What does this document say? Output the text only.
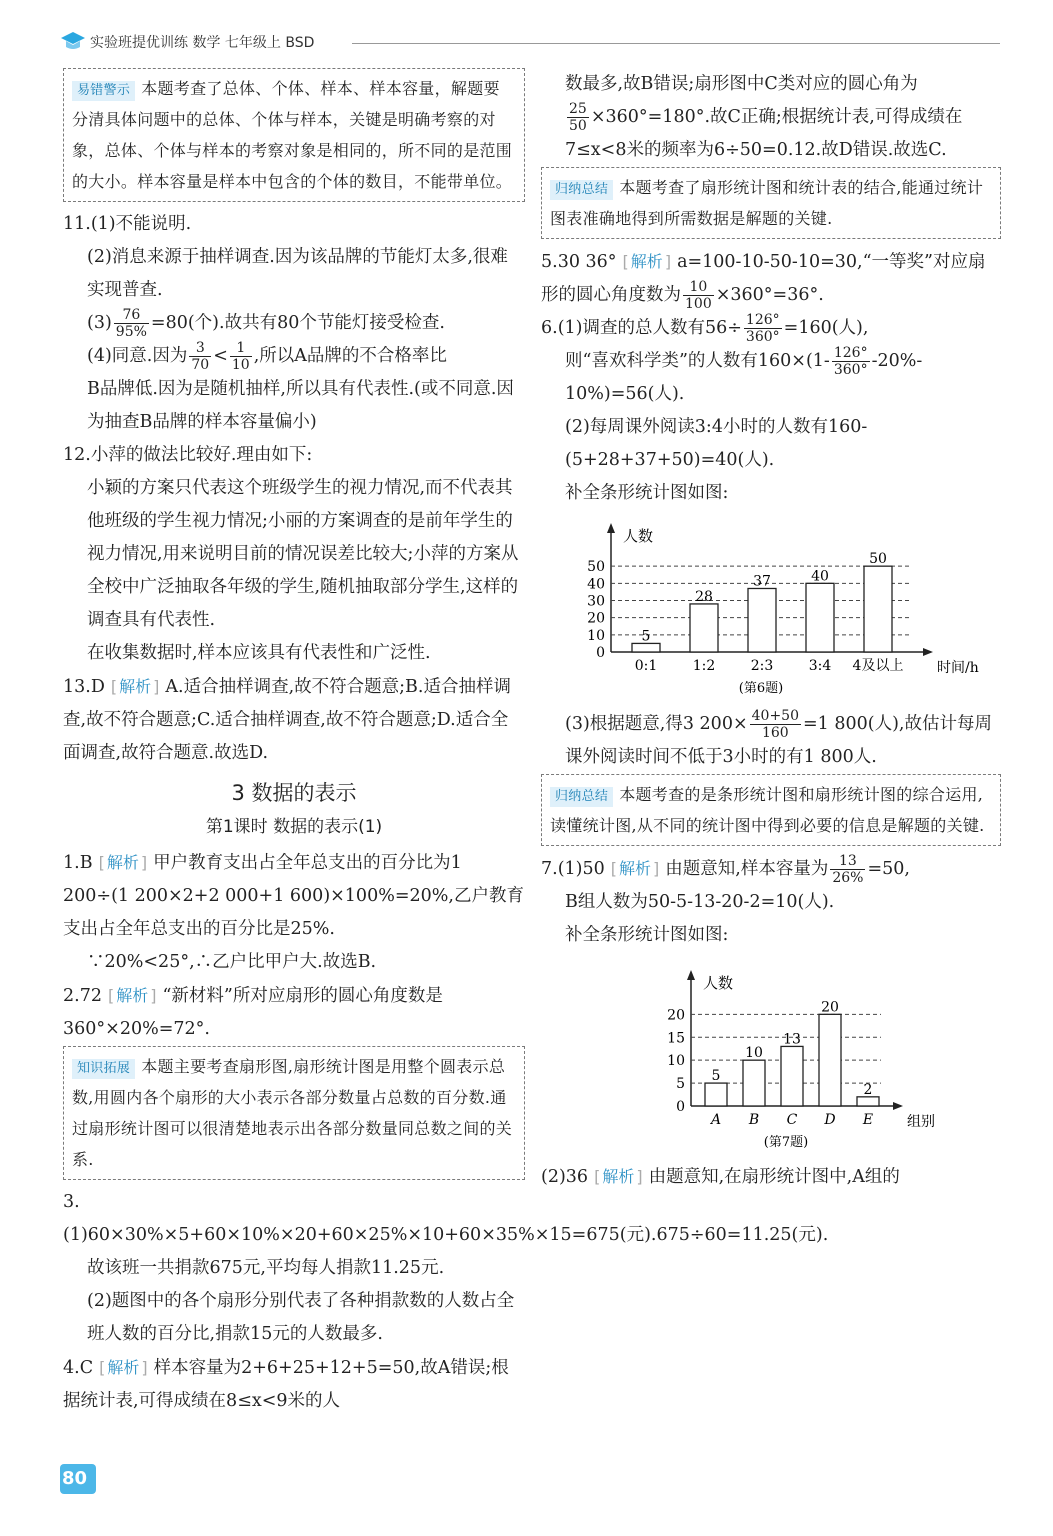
实验班提优训练 数学 七年级上 BSD
易错警示 本题考查了总体、个体、样本、样本容量，解题要分清具体问题中的总体、个体与样本，关键是明确考察的对象，总体、个体与样本的考察对象是相同的，所不同的是范围的大小。样本容量是样本中包含的个体的数目，不能带单位。

11.(1)不能说明.

(2)消息来源于抽样调查.因为该品牌的节能灯太多,很难实现普查.

$(3) \frac{76}{95\%} =80$(个).故共有80个节能灯接受检查.

(4)同意.因为 $\frac{3}{70} < \frac{1}{10}$ ,所以A品牌的不合格率比

B品牌低.因为是随机抽样,所以具有代表性.(或不同意.因为抽查B品牌的样本容量偏小)

12.小萍的做法比较好.理由如下:

小颖的方案只代表这个班级学生的视力情况,而不代表其他班级的学生视力情况;小丽的方案调查的是前年学生的视力情况,用来说明目前的情况误差比较大;小萍的方案从全校中广泛抽取各年级的学生,随机抽取部分学生,这样的调查具有代表性.

在收集数据时,样本应该具有代表性和广泛性.

13.D [ 解析 ] A.适合抽样调查,故不符合题意;B.适合抽样调查,故不符合题意;C.适合抽样调查,故不符合题意;D.适合全面调查,故符合题意.故选D.

3 数据的表示
第1课时 数据的表示(1)

1.B [ 解析 ] 甲户教育支出占全年总支出的百分比为1 200÷(1 200×2+2 000+1 600)×100%=20%,乙户教育支出占全年总支出的百分比是25%.

∵20%<25°,∴乙户比甲户大.故选B.

2.72 [ 解析 ] “新材料”所对应扇形的圆心角度数是360°×20%=72°.

知识拓展 本题主要考查扇形图,扇形统计图是用整个圆表示总数,用圆内各个扇形的大小表示各部分数量占总数的百分数.通过扇形统计图可以很清楚地表示出各部分数量同总数之间的关系.

3.(1)60×30%×5+60×10%×20+60×25%×10+60×35%×15=675(元).675÷60=11.25(元).

故该班一共捐款675元,平均每人捐款11.25元.

(2)题图中的各个扇形分别代表了各种捐款数的人数占全班人数的百分比,捐款15元的人数最多.

4.C [ 解析 ] 样本容量为2+6+25+12+5=50,故A错误;根据统计表,可得成绩在8≤x<9米的人

数最多,故B错误;扇形图中C类对应的圆心角为

$\frac{25}{50} \times 360^\circ=180^\circ$.故C正确;根据统计表,可得成绩在7≤x<8米的频率为6÷50=0.12.故D错误.故选C.

归纳总结 本题考查了扇形统计图和统计表的结合,能通过统计图表准确地得到所需数据是解题的关键.

5.30 36° [ 解析 ] a=100-10-50-10=30,“一等奖”对应扇形的圆心角度数为 $\frac{10}{100} \times 360^\circ=36^\circ$.

6.(1)调查的总人数有$56\div \frac{126^\circ}{360^\circ} =160$(人),

则“喜欢科学类”的人数有$160\times(1- \frac{126^\circ}{360^\circ} -20\%-$

10%)=56(人).

(2)每周课外阅读3:4小时的人数有160-(5+28+37+50)=40(人).

补全条形统计图如图:

0
10
20
30
40
50
人数
时间/h
5
0:1
28
1:2
37
2:3
40
3:4
50
4及以上
(第6题)

(3)根据题意,得3 $200\times \frac{40+50}{160} =1$ 800(人),故估计每周课外阅读时间不低于3小时的有1 800人.

归纳总结 本题考查的是条形统计图和扇形统计图的综合运用,读懂统计图,从不同的统计图中得到必要的信息是解题的关键.

7.(1)50 [ 解析 ] 由题意知,样本容量为 $\frac{13}{26\%} =50$,

B组人数为50-5-13-20-2=10(人).

补全条形统计图如图:

0
5
10
15
20
人数
组别
5
A
10
B
13
C
20
D
2
E
(第7题)

(2)36 [ 解析 ] 由题意知,在扇形统计图中,A组的

80
